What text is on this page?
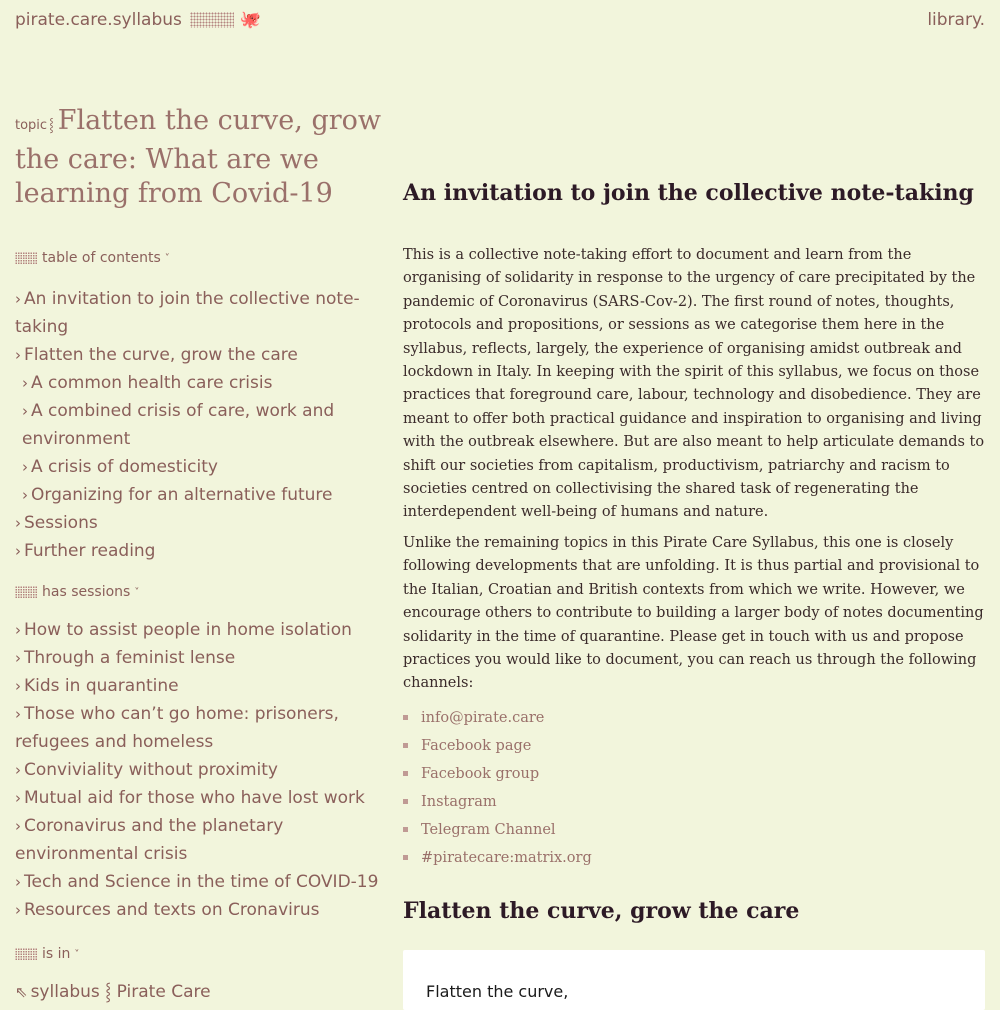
pirate.care.syllabus	🐙	library.
topic ⸾ Flatten the curve, grow the care: What are we learning from Covid-19
table of contents ˅
› An invitation to join the collective note-taking
› Flatten the curve, grow the care
› A common health care crisis
› A combined crisis of care, work and environment
› A crisis of domesticity
› Organizing for an alternative future
› Sessions
› Further reading
has sessions ˅
› How to assist people in home isolation
› Through a feminist lense
› Kids in quarantine
› Those who can’t go home: prisoners, refugees and homeless
› Conviviality without proximity
› Mutual aid for those who have lost work
› Coronavirus and the planetary environmental crisis
› Tech and Science in the time of COVID-19
› Resources and texts on Cronavirus
is in ˅
⇖ syllabus ⸾ Pirate Care
An invitation to join the collective note-taking

This is a collective note-taking effort to document and learn from the organising of solidarity in response to the urgency of care precipitated by the pandemic of Coronavirus (SARS-Cov-2). The first round of notes, thoughts, protocols and propositions, or sessions as we categorise them here in the syllabus, reflects, largely, the experience of organising amidst outbreak and lockdown in Italy. In keeping with the spirit of this syllabus, we focus on those practices that foreground care, labour, technology and disobedience. They are meant to offer both practical guidance and inspiration to organising and living with the outbreak elsewhere. But are also meant to help articulate demands to shift our societies from capitalism, productivism, patriarchy and racism to societies centred on collectivising the shared task of regenerating the interdependent well-being of humans and nature.

Unlike the remaining topics in this Pirate Care Syllabus, this one is closely following developments that are unfolding. It is thus partial and provisional to the Italian, Croatian and British contexts from which we write. However, we encourage others to contribute to building a larger body of notes documenting solidarity in the time of quarantine. Please get in touch with us and propose practices you would like to document, you can reach us through the following channels:

info@pirate.care
Facebook page
Facebook group
Instagram
Telegram Channel
#piratecare:matrix.org
Flatten the curve, grow the care
Flatten the curve,
